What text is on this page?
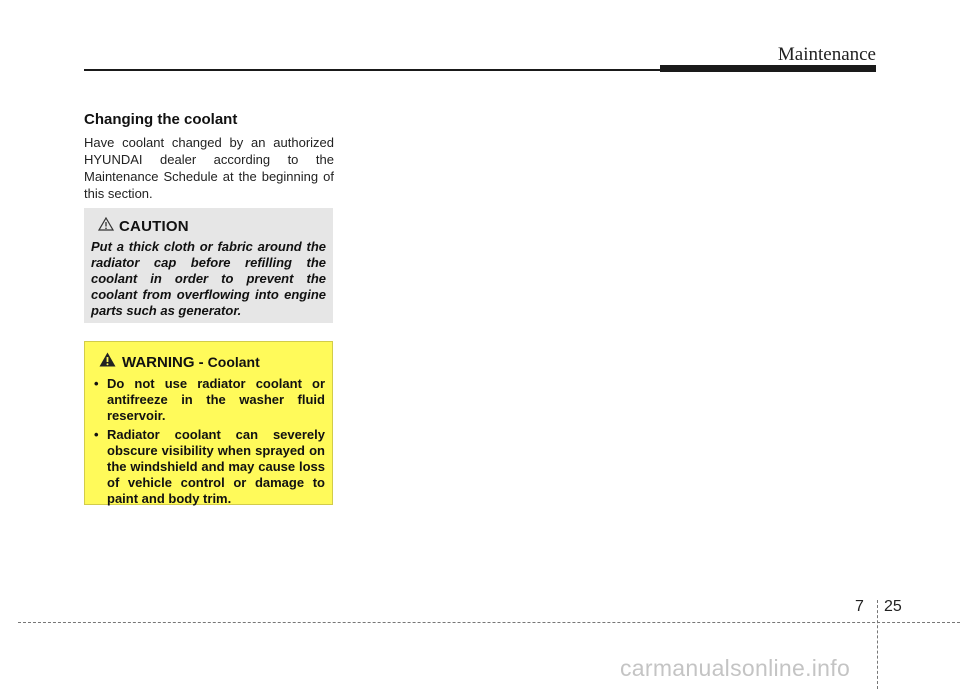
Maintenance
Changing the coolant
Have coolant changed by an authorized HYUNDAI dealer according to the Maintenance Schedule at the beginning of this section.
CAUTION
Put a thick cloth or fabric around the radiator cap before refilling the coolant in order to prevent the coolant from overflowing into engine parts such as generator.
WARNING - Coolant
• Do not use radiator coolant or antifreeze in the washer fluid reservoir.
• Radiator coolant can severely obscure visibility when sprayed on the windshield and may cause loss of vehicle control or damage to paint and body trim.
7 25
carmanualsonline.info
